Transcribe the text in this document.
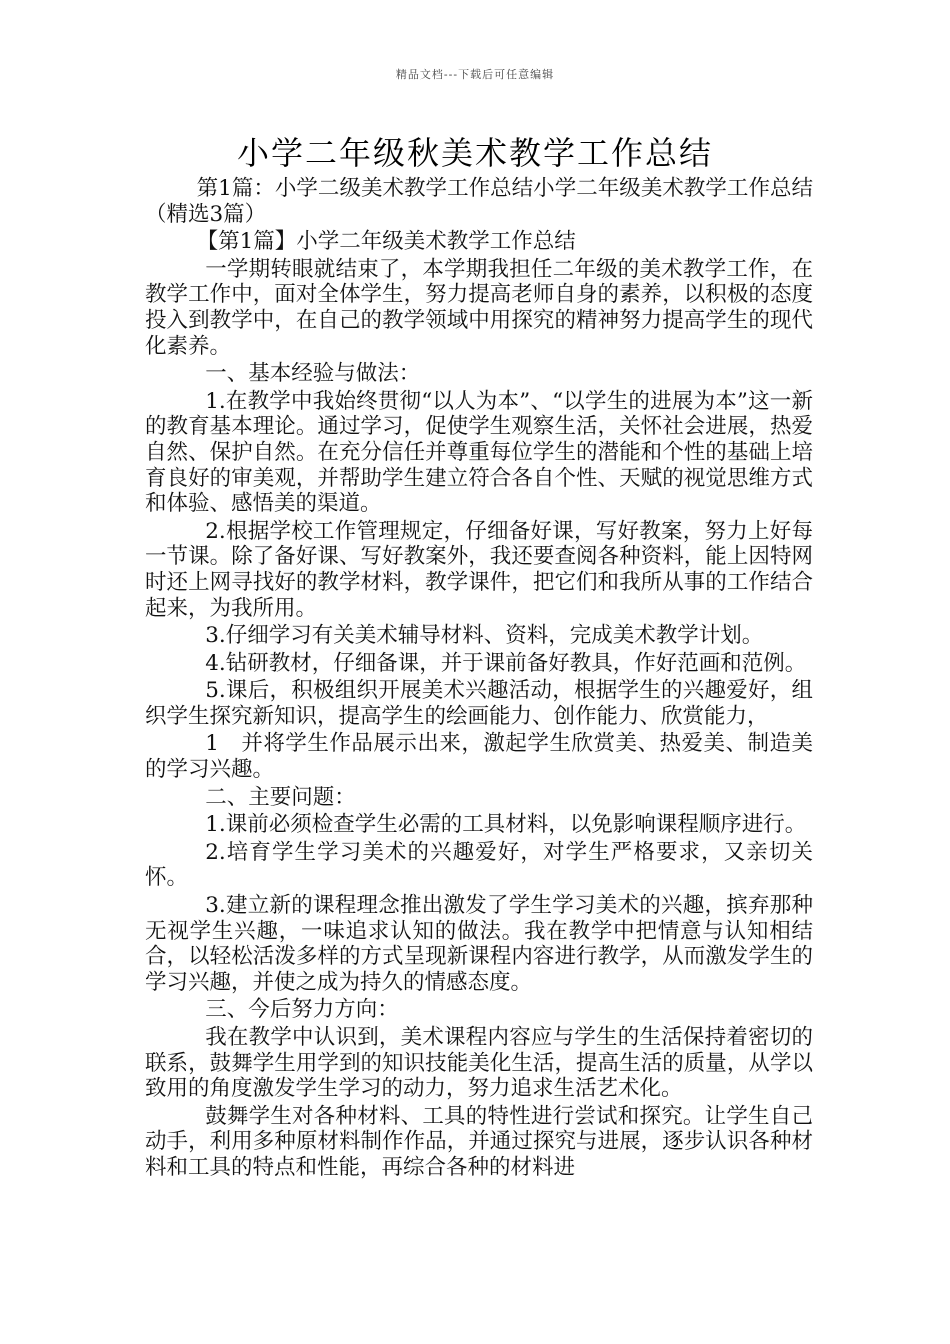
精品文档---下载后可任意编辑
小学二年级秋美术教学工作总结

第1篇：小学二级美术教学工作总结小学二年级美术教学工作总结（精选3篇）

【第1篇】小学二年级美术教学工作总结

一学期转眼就结束了，本学期我担任二年级的美术教学工作，在教学工作中，面对全体学生，努力提高老师自身的素养，以积极的态度投入到教学中，在自己的教学领域中用探究的精神努力提高学生的现代化素养。

一、基本经验与做法：

1.在教学中我始终贯彻“以人为本”、“以学生的进展为本”这一新的教育基本理论。通过学习，促使学生观察生活，关怀社会进展，热爱自然、保护自然。在充分信任并尊重每位学生的潜能和个性的基础上培育良好的审美观，并帮助学生建立符合各自个性、天赋的视觉思维方式和体验、感悟美的渠道。

2.根据学校工作管理规定，仔细备好课，写好教案，努力上好每一节课。除了备好课、写好教案外，我还要查阅各种资料，能上因特网时还上网寻找好的教学材料，教学课件，把它们和我所从事的工作结合起来，为我所用。

3.仔细学习有关美术辅导材料、资料，完成美术教学计划。

4.钻研教材，仔细备课，并于课前备好教具，作好范画和范例。

5.课后，积极组织开展美术兴趣活动，根据学生的兴趣爱好，组织学生探究新知识，提高学生的绘画能力、创作能力、欣赏能力，

1　并将学生作品展示出来，激起学生欣赏美、热爱美、制造美的学习兴趣。

二、主要问题：

1.课前必须检查学生必需的工具材料，以免影响课程顺序进行。

2.培育学生学习美术的兴趣爱好，对学生严格要求，又亲切关怀。

3.建立新的课程理念推出激发了学生学习美术的兴趣，摈弃那种无视学生兴趣，一味追求认知的做法。我在教学中把情意与认知相结合，以轻松活泼多样的方式呈现新课程内容进行教学，从而激发学生的学习兴趣，并使之成为持久的情感态度。

三、今后努力方向：

我在教学中认识到，美术课程内容应与学生的生活保持着密切的联系，鼓舞学生用学到的知识技能美化生活，提高生活的质量，从学以致用的角度激发学生学习的动力，努力追求生活艺术化。

鼓舞学生对各种材料、工具的特性进行尝试和探究。让学生自己动手，利用多种原材料制作作品，并通过探究与进展，逐步认识各种材料和工具的特点和性能，再综合各种的材料进
